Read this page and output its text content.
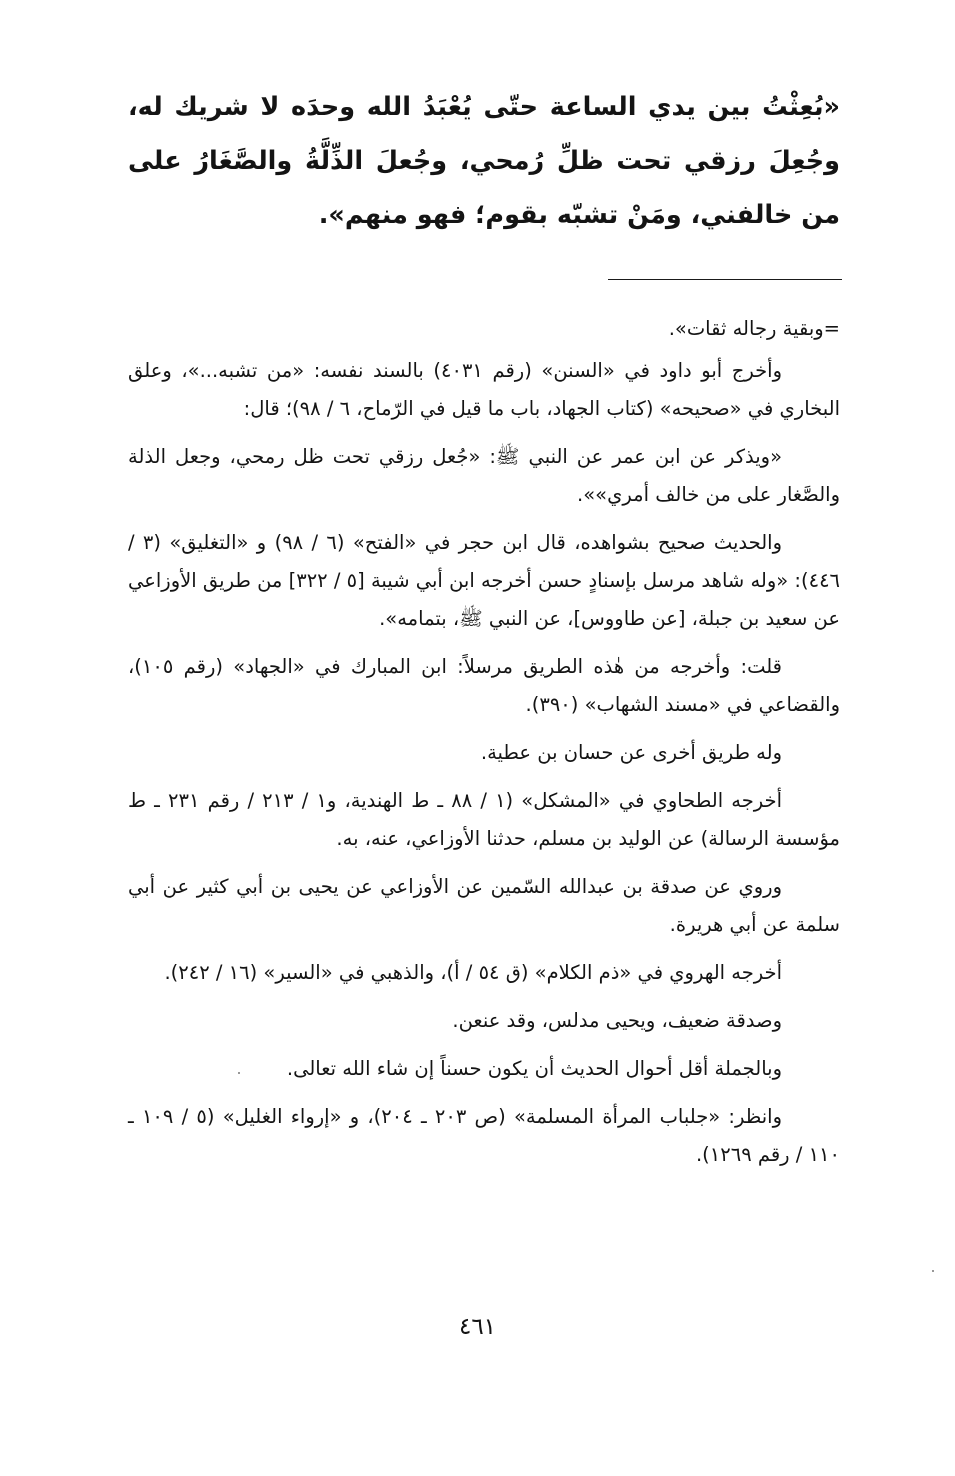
«بُعِثْتُ بين يدي الساعة حتّى يُعْبَدُ الله وحدَه لا شريك له، وجُعِلَ رزقي تحت ظلِّ رُمحي، وجُعلَ الذِّلَّةُ والصَّغَارُ على من خالفني، ومَنْ تشبّه بقوم؛ فهو منهم».

=وبقية رجاله ثقات».

وأخرج أبو داود في «السنن» (رقم ٤٠٣١) بالسند نفسه: «من تشبه...»، وعلق البخاري في «صحيحه» (كتاب الجهاد، باب ما قيل في الرّماح، ٦ / ٩٨)؛ قال:

«ويذكر عن ابن عمر عن النبي ﷺ: «جُعل رزقي تحت ظل رمحي، وجعل الذلة والصَّغار على من خالف أمري»».

والحديث صحيح بشواهده، قال ابن حجر في «الفتح» (٦ / ٩٨) و «التغليق» (٣ / ٤٤٦): «وله شاهد مرسل بإسنادٍ حسن أخرجه ابن أبي شيبة [٥ / ٣٢٢] من طريق الأوزاعي عن سعيد بن جبلة، [عن طاووس]، عن النبي ﷺ، بتمامه».

قلت: وأخرجه من هٰذه الطريق مرسلاً: ابن المبارك في «الجهاد» (رقم ١٠٥)، والقضاعي في «مسند الشهاب» (٣٩٠).

وله طريق أخرى عن حسان بن عطية.

أخرجه الطحاوي في «المشكل» (١ / ٨٨ ـ ط الهندية، و١ / ٢١٣ / رقم ٢٣١ ـ ط مؤسسة الرسالة) عن الوليد بن مسلم، حدثنا الأوزاعي، عنه، به.

وروي عن صدقة بن عبدالله السّمين عن الأوزاعي عن يحيى بن أبي كثير عن أبي سلمة عن أبي هريرة.

أخرجه الهروي في «ذم الكلام» (ق ٥٤ / أ)، والذهبي في «السير» (١٦ / ٢٤٢).

وصدقة ضعيف، ويحيى مدلس، وقد عنعن.

وبالجملة أقل أحوال الحديث أن يكون حسناً إن شاء الله تعالى.

وانظر: «جلباب المرأة المسلمة» (ص ٢٠٣ ـ ٢٠٤)، و «إرواء الغليل» (٥ / ١٠٩ ـ ١١٠ / رقم ١٢٦٩).

٤٦١
